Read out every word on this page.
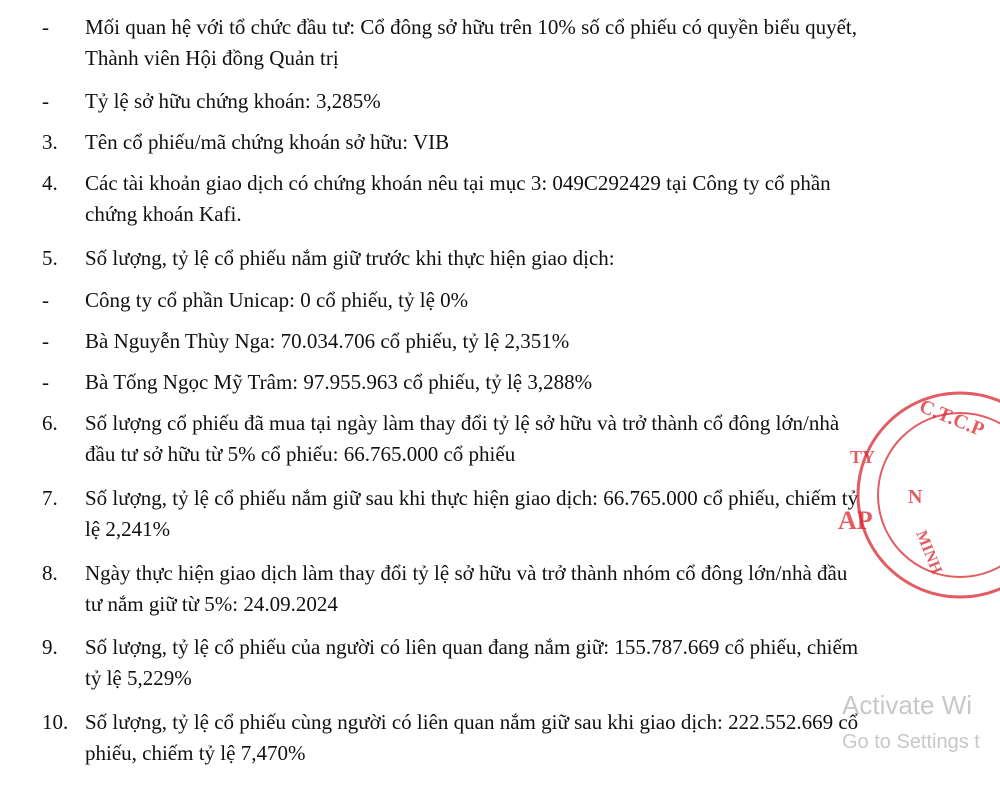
-	Mối quan hệ với tổ chức đầu tư: Cổ đông sở hữu trên 10% số cổ phiếu có quyền biểu quyết,
Thành viên Hội đồng Quản trị
-	Tỷ lệ sở hữu chứng khoán: 3,285%
3.	Tên cổ phiếu/mã chứng khoán sở hữu: VIB
4.	Các tài khoản giao dịch có chứng khoán nêu tại mục 3: 049C292429 tại Công ty cổ phần
chứng khoán Kafi.
5.	Số lượng, tỷ lệ cổ phiếu nắm giữ trước khi thực hiện giao dịch:
-	Công ty cổ phần Unicap: 0 cổ phiếu, tỷ lệ 0%
-	Bà Nguyễn Thùy Nga: 70.034.706 cổ phiếu, tỷ lệ 2,351%
-	Bà Tống Ngọc Mỹ Trâm: 97.955.963 cổ phiếu, tỷ lệ 3,288%
6.	Số lượng cổ phiếu đã mua tại ngày làm thay đổi tỷ lệ sở hữu và trở thành cổ đông lớn/nhà
đầu tư sở hữu từ 5% cổ phiếu: 66.765.000 cổ phiếu
7.	Số lượng, tỷ lệ cổ phiếu nắm giữ sau khi thực hiện giao dịch: 66.765.000 cổ phiếu, chiếm tỷ
lệ 2,241%
8.	Ngày thực hiện giao dịch làm thay đổi tỷ lệ sở hữu và trở thành nhóm cổ đông lớn/nhà đầu
tư nắm giữ từ 5%: 24.09.2024
9.	Số lượng, tỷ lệ cổ phiếu của người có liên quan đang nắm giữ: 155.787.669 cổ phiếu, chiếm
tỷ lệ 5,229%
10. Số lượng, tỷ lệ cổ phiếu cùng người có liên quan nắm giữ sau khi giao dịch: 222.552.669 cổ
phiếu, chiếm tỷ lệ 7,470%
C.T.C.P
MINH
TY
N
AP
Activate Wi
Go to Settings t
